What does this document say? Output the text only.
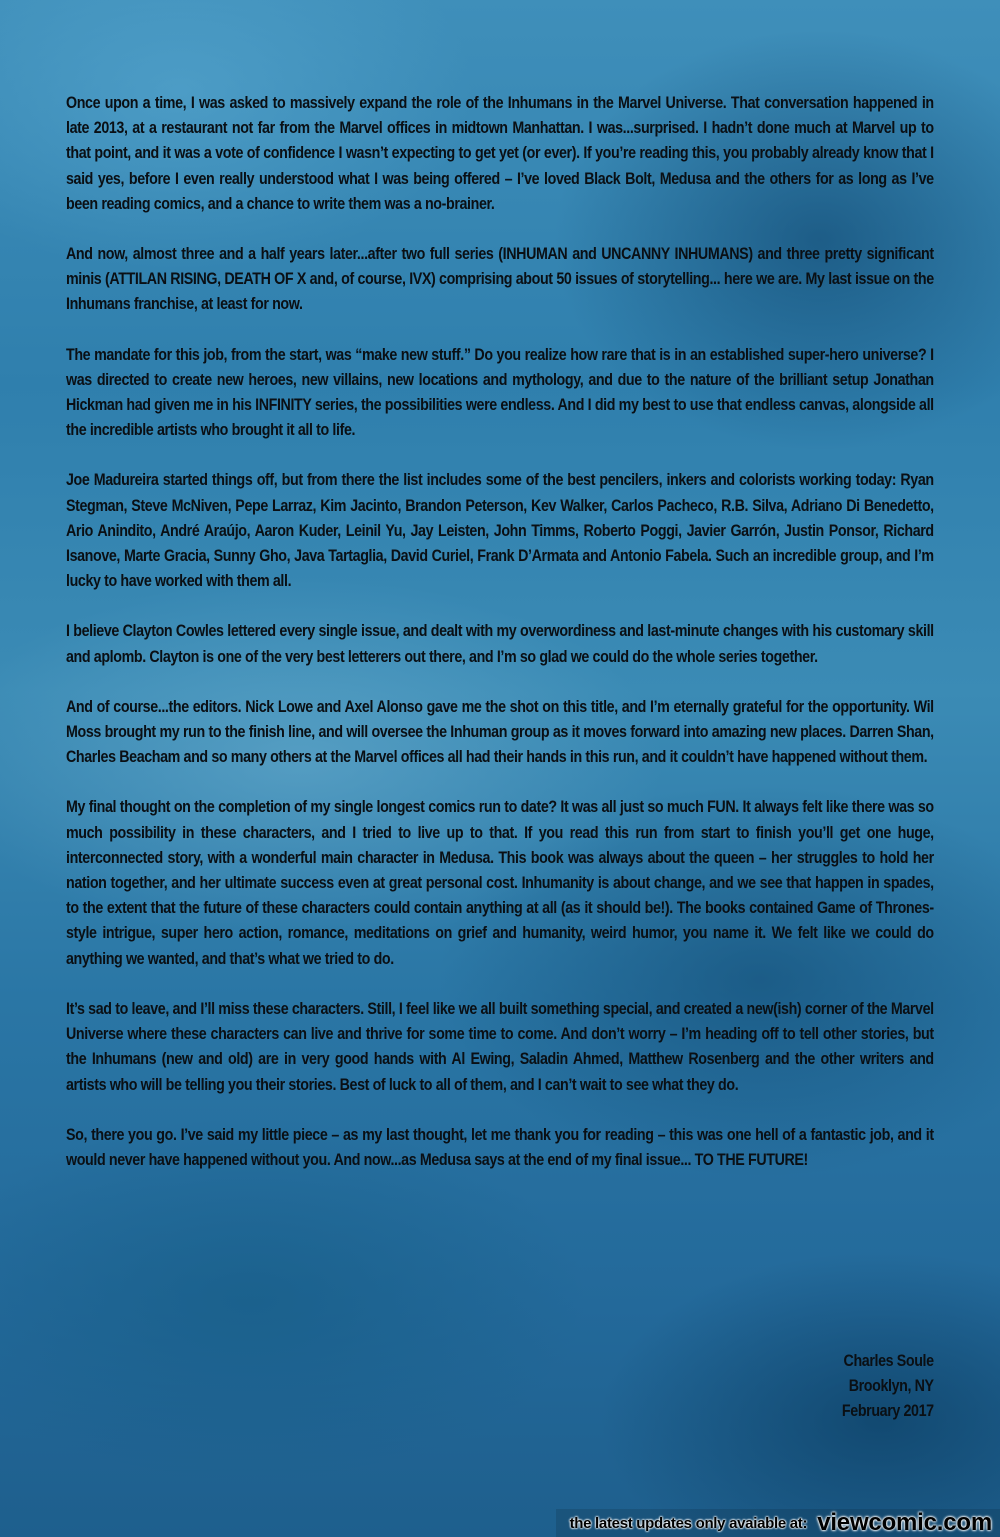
Once upon a time, I was asked to massively expand the role of the Inhumans in the Marvel Universe. That conversation happened in late 2013, at a restaurant not far from the Marvel offices in midtown Manhattan. I was...surprised. I hadn’t done much at Marvel up to that point, and it was a vote of confidence I wasn’t expecting to get yet (or ever). If you’re reading this, you probably already know that I said yes, before I even really understood what I was being offered – I’ve loved Black Bolt, Medusa and the others for as long as I’ve been reading comics, and a chance to write them was a no-brainer.

And now, almost three and a half years later...after two full series (INHUMAN and UNCANNY INHUMANS) and three pretty significant minis (ATTILAN RISING, DEATH OF X and, of course, IVX) comprising about 50 issues of storytelling... here we are. My last issue on the Inhumans franchise, at least for now.

The mandate for this job, from the start, was “make new stuff.” Do you realize how rare that is in an established super-hero universe? I was directed to create new heroes, new villains, new locations and mythology, and due to the nature of the brilliant setup Jonathan Hickman had given me in his INFINITY series, the possibilities were endless. And I did my best to use that endless canvas, alongside all the incredible artists who brought it all to life.

Joe Madureira started things off, but from there the list includes some of the best pencilers, inkers and colorists working today: Ryan Stegman, Steve McNiven, Pepe Larraz, Kim Jacinto, Brandon Peterson, Kev Walker, Carlos Pacheco, R.B. Silva, Adriano Di Benedetto, Ario Anindito, André Araújo, Aaron Kuder, Leinil Yu, Jay Leisten, John Timms, Roberto Poggi, Javier Garrón, Justin Ponsor, Richard Isanove, Marte Gracia, Sunny Gho, Java Tartaglia, David Curiel, Frank D’Armata and Antonio Fabela. Such an incredible group, and I’m lucky to have worked with them all.

I believe Clayton Cowles lettered every single issue, and dealt with my overwordiness and last-minute changes with his customary skill and aplomb. Clayton is one of the very best letterers out there, and I’m so glad we could do the whole series together.

And of course...the editors. Nick Lowe and Axel Alonso gave me the shot on this title, and I’m eternally grateful for the opportunity. Wil Moss brought my run to the finish line, and will oversee the Inhuman group as it moves forward into amazing new places. Darren Shan, Charles Beacham and so many others at the Marvel offices all had their hands in this run, and it couldn’t have happened without them.

My final thought on the completion of my single longest comics run to date? It was all just so much FUN. It always felt like there was so much possibility in these characters, and I tried to live up to that. If you read this run from start to finish you’ll get one huge, interconnected story, with a wonderful main character in Medusa. This book was always about the queen – her struggles to hold her nation together, and her ultimate success even at great personal cost. Inhumanity is about change, and we see that happen in spades, to the extent that the future of these characters could contain anything at all (as it should be!). The books contained Game of Thrones-style intrigue, super hero action, romance, meditations on grief and humanity, weird humor, you name it. We felt like we could do anything we wanted, and that’s what we tried to do.

It’s sad to leave, and I’ll miss these characters. Still, I feel like we all built something special, and created a new(ish) corner of the Marvel Universe where these characters can live and thrive for some time to come. And don’t worry – I’m heading off to tell other stories, but the Inhumans (new and old) are in very good hands with Al Ewing, Saladin Ahmed, Matthew Rosenberg and the other writers and artists who will be telling you their stories. Best of luck to all of them, and I can’t wait to see what they do.

So, there you go. I’ve said my little piece – as my last thought, let me thank you for reading – this was one hell of a fantastic job, and it would never have happened without you. And now...as Medusa says at the end of my final issue... TO THE FUTURE!

Charles Soule
Brooklyn, NY
February 2017
the latest updates only avaiable at: viewcomic.com
